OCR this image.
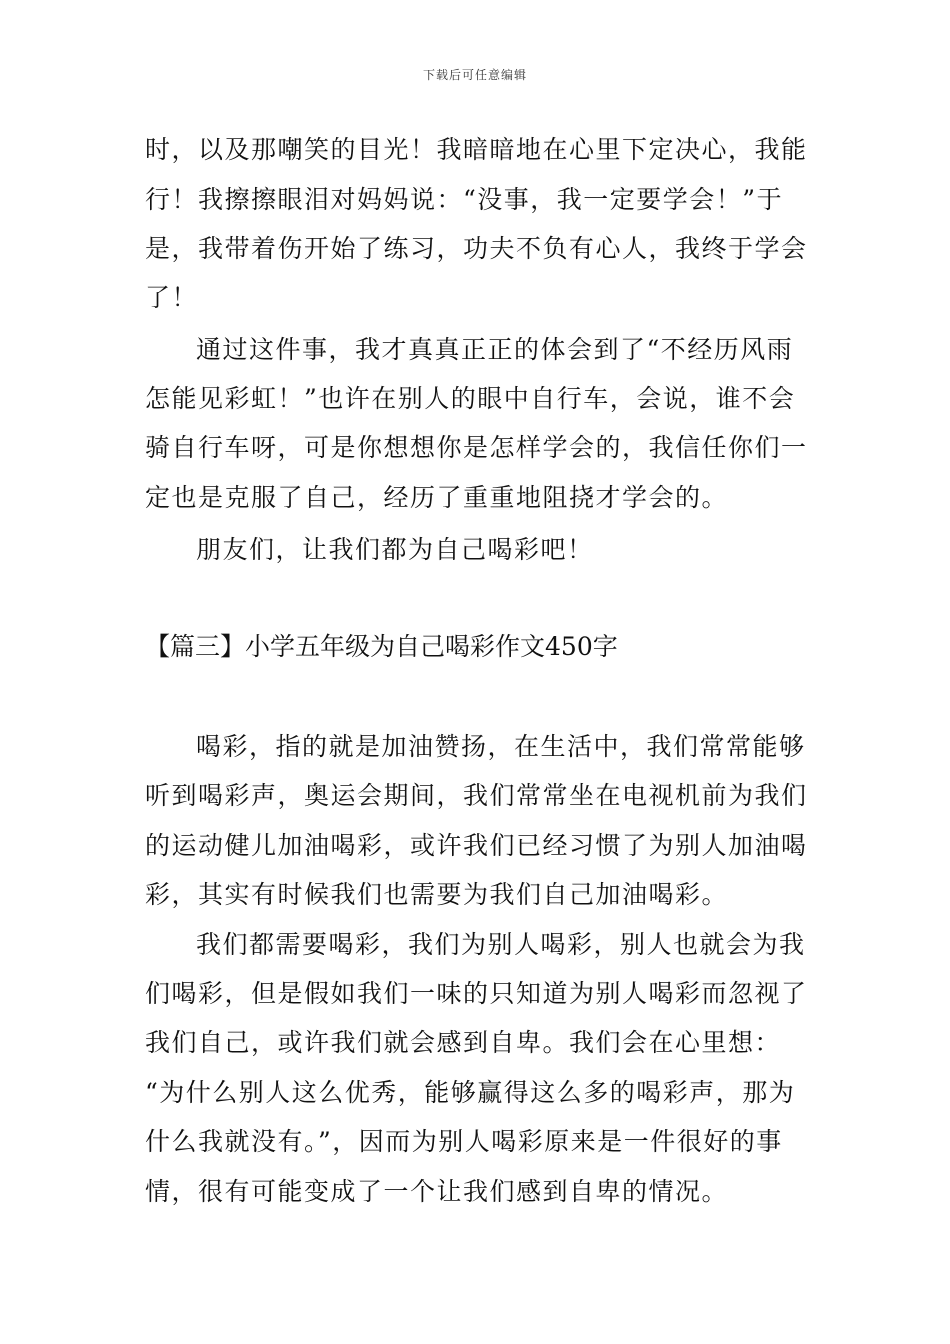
下载后可任意编辑
时，以及那嘲笑的目光！我暗暗地在心里下定决心，我能
行！我擦擦眼泪对妈妈说：“没事，我一定要学会！”于
是，我带着伤开始了练习，功夫不负有心人，我终于学会
了！
通过这件事，我才真真正正的体会到了“不经历风雨
怎能见彩虹！”也许在别人的眼中自行车，会说，谁不会
骑自行车呀，可是你想想你是怎样学会的，我信任你们一
定也是克服了自己，经历了重重地阻挠才学会的。
朋友们，让我们都为自己喝彩吧！
【篇三】小学五年级为自己喝彩作文450字
喝彩，指的就是加油赞扬，在生活中，我们常常能够
听到喝彩声，奥运会期间，我们常常坐在电视机前为我们
的运动健儿加油喝彩，或许我们已经习惯了为别人加油喝
彩，其实有时候我们也需要为我们自己加油喝彩。
我们都需要喝彩，我们为别人喝彩，别人也就会为我
们喝彩，但是假如我们一味的只知道为别人喝彩而忽视了
我们自己，或许我们就会感到自卑。我们会在心里想：
“为什么别人这么优秀，能够赢得这么多的喝彩声，那为
什么我就没有。”，因而为别人喝彩原来是一件很好的事
情，很有可能变成了一个让我们感到自卑的情况。
